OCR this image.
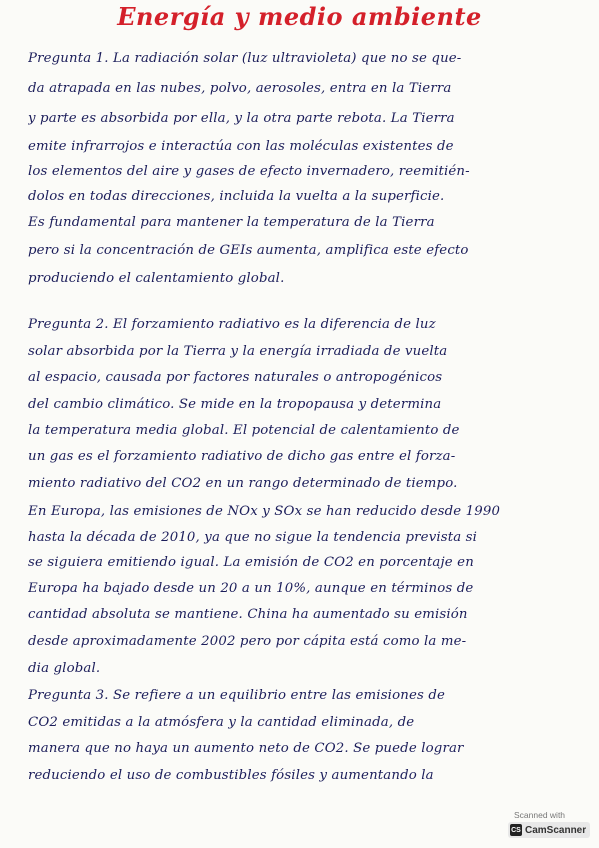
Energía y medio ambiente
Pregunta 1. La radiación solar (luz ultravioleta) que no se que-
da atrapada en las nubes, polvo, aerosoles, entra en la Tierra
y parte es absorbida por ella, y la otra parte rebota. La Tierra
emite infrarrojos e interactúa con las moléculas existentes de
los elementos del aire y gases de efecto invernadero, reemitién-
dolos en todas direcciones, incluida la vuelta a la superficie.
Es fundamental para mantener la temperatura de la Tierra
pero si la concentración de GEIs aumenta, amplifica este efecto
produciendo el calentamiento global.
Pregunta 2. El forzamiento radiativo es la diferencia de luz
solar absorbida por la Tierra y la energía irradiada de vuelta
al espacio, causada por factores naturales o antropogénicos
del cambio climático. Se mide en la tropopausa y determina
la temperatura media global. El potencial de calentamiento de
un gas es el forzamiento radiativo de dicho gas entre el forza-
miento radiativo del CO2 en un rango determinado de tiempo.
En Europa, las emisiones de NOx y SOx se han reducido desde 1990
hasta la década de 2010, ya que no sigue la tendencia prevista si
se siguiera emitiendo igual. La emisión de CO2 en porcentaje en
Europa ha bajado desde un 20 a un 10%, aunque en términos de
cantidad absoluta se mantiene. China ha aumentado su emisión
desde aproximadamente 2002 pero por cápita está como la me-
dia global.
Pregunta 3. Se refiere a un equilibrio entre las emisiones de
CO2 emitidas a la atmósfera y la cantidad eliminada, de
manera que no haya un aumento neto de CO2. Se puede lograr
reduciendo el uso de combustibles fósiles y aumentando la
Scanned with
CS CamScanner
